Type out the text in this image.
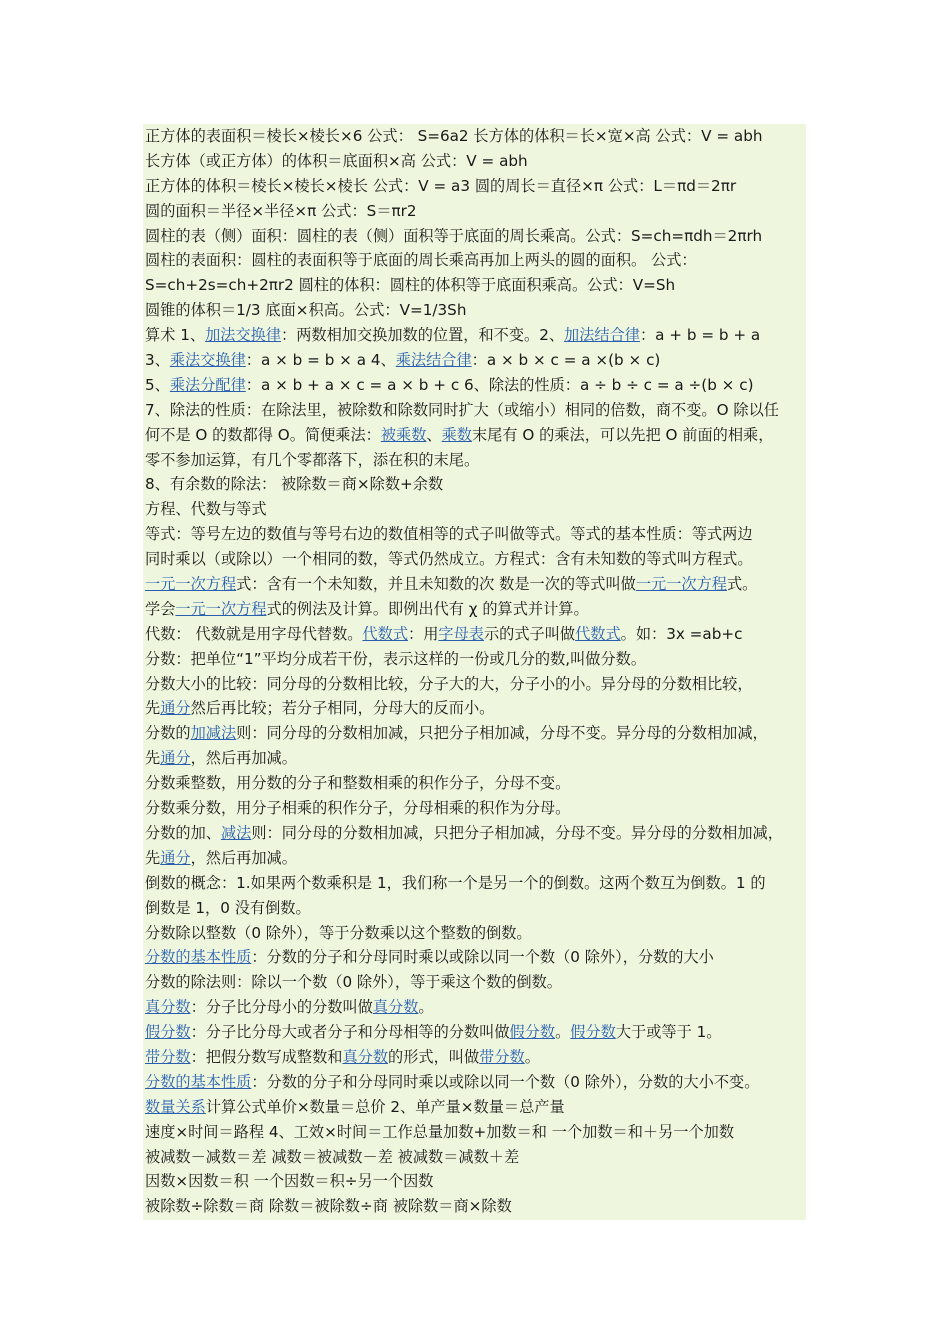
正方体的表面积＝棱长×棱长×6 公式： S=6a2 长方体的体积＝长×宽×高 公式：V = abh
长方体（或正方体）的体积＝底面积×高 公式：V = abh
正方体的体积＝棱长×棱长×棱长 公式：V = a3 圆的周长＝直径×π 公式：L＝πd＝2πr
圆的面积＝半径×半径×π 公式：S＝πr2
圆柱的表（侧）面积：圆柱的表（侧）面积等于底面的周长乘高。公式：S=ch=πdh＝2πrh
圆柱的表面积：圆柱的表面积等于底面的周长乘高再加上两头的圆的面积。 公式：
S=ch+2s=ch+2πr2 圆柱的体积：圆柱的体积等于底面积乘高。公式：V=Sh
圆锥的体积＝1/3 底面×积高。公式：V=1/3Sh
算术 1、加法交换律：两数相加交换加数的位置，和不变。2、加法结合律：a + b = b + a
3、乘法交换律：a × b = b × a 4、乘法结合律：a × b × c = a ×(b × c)
5、乘法分配律：a × b + a × c = a × b + c 6、除法的性质：a ÷ b ÷ c = a ÷(b × c)
7、除法的性质：在除法里，被除数和除数同时扩大（或缩小）相同的倍数，商不变。O 除以任
何不是 O 的数都得 O。简便乘法：被乘数、乘数末尾有 O 的乘法，可以先把 O 前面的相乘，
零不参加运算，有几个零都落下，添在积的末尾。
8、有余数的除法： 被除数＝商×除数+余数
方程、代数与等式
等式：等号左边的数值与等号右边的数值相等的式子叫做等式。等式的基本性质：等式两边
同时乘以（或除以）一个相同的数，等式仍然成立。方程式：含有未知数的等式叫方程式。
一元一次方程式：含有一个未知数，并且未知数的次 数是一次的等式叫做一元一次方程式。
学会一元一次方程式的例法及计算。即例出代有 χ 的算式并计算。
代数： 代数就是用字母代替数。代数式：用字母表示的式子叫做代数式。如：3x =ab+c
分数：把单位“1”平均分成若干份，表示这样的一份或几分的数,叫做分数。
分数大小的比较：同分母的分数相比较，分子大的大，分子小的小。异分母的分数相比较，
先通分然后再比较；若分子相同，分母大的反而小。
分数的加减法则：同分母的分数相加减，只把分子相加减，分母不变。异分母的分数相加减，
先通分，然后再加减。
分数乘整数，用分数的分子和整数相乘的积作分子，分母不变。
分数乘分数，用分子相乘的积作分子，分母相乘的积作为分母。
分数的加、减法则：同分母的分数相加减，只把分子相加减，分母不变。异分母的分数相加减，
先通分，然后再加减。
倒数的概念：1.如果两个数乘积是 1，我们称一个是另一个的倒数。这两个数互为倒数。1 的
倒数是 1，0 没有倒数。
分数除以整数（0 除外），等于分数乘以这个整数的倒数。
分数的基本性质：分数的分子和分母同时乘以或除以同一个数（0 除外），分数的大小
分数的除法则：除以一个数（0 除外），等于乘这个数的倒数。
真分数：分子比分母小的分数叫做真分数。
假分数：分子比分母大或者分子和分母相等的分数叫做假分数。假分数大于或等于 1。
带分数：把假分数写成整数和真分数的形式，叫做带分数。
分数的基本性质：分数的分子和分母同时乘以或除以同一个数（0 除外），分数的大小不变。
数量关系计算公式单价×数量＝总价 2、单产量×数量＝总产量
速度×时间＝路程 4、工效×时间＝工作总量加数+加数＝和 一个加数＝和＋另一个加数
被减数－减数＝差 减数＝被减数－差 被减数＝减数＋差
因数×因数＝积 一个因数＝积÷另一个因数
被除数÷除数＝商 除数＝被除数÷商 被除数＝商×除数
